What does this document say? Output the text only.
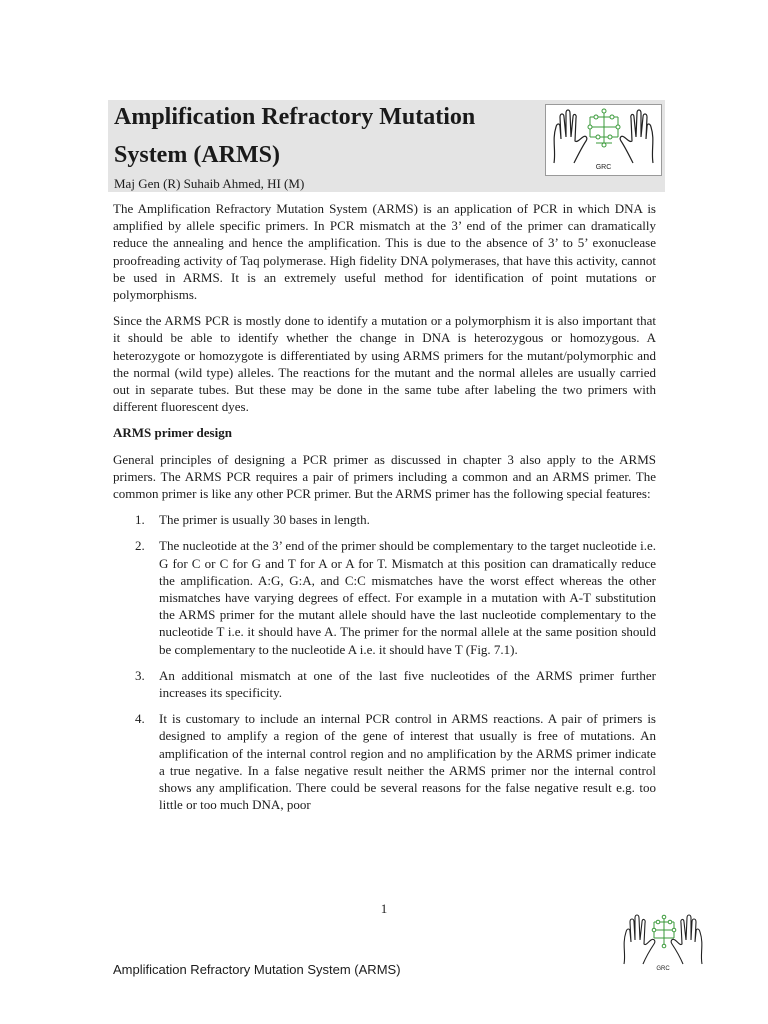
Amplification Refractory Mutation System (ARMS)
Maj Gen (R) Suhaib Ahmed, HI (M)
GRC

The Amplification Refractory Mutation System (ARMS) is an application of PCR in which DNA is amplified by allele specific primers. In PCR mismatch at the 3’ end of the primer can dramatically reduce the annealing and hence the amplification. This is due to the absence of 3’ to 5’ exonuclease proofreading activity of Taq polymerase. High fidelity DNA polymerases, that have this activity, cannot be used in ARMS. It is an extremely useful method for identification of point mutations or polymorphisms.

Since the ARMS PCR is mostly done to identify a mutation or a polymorphism it is also important that it should be able to identify whether the change in DNA is heterozygous or homozygous. A heterozygote or homozygote is differentiated by using ARMS primers for the mutant/polymorphic and the normal (wild type) alleles. The reactions for the mutant and the normal alleles are usually carried out in separate tubes. But these may be done in the same tube after labeling the two primers with different fluorescent dyes.

ARMS primer design

General principles of designing a PCR primer as discussed in chapter 3 also apply to the ARMS primers. The ARMS PCR requires a pair of primers including a common and an ARMS primer. The common primer is like any other PCR primer. But the ARMS primer has the following special features:

1. The primer is usually 30 bases in length.
2. The nucleotide at the 3’ end of the primer should be complementary to the target nucleotide i.e. G for C or C for G and T for A or A for T. Mismatch at this position can dramatically reduce the amplification. A:G, G:A, and C:C mismatches have the worst effect whereas the other mismatches have varying degrees of effect. For example in a mutation with A-T substitution the ARMS primer for the mutant allele should have the last nucleotide complementary to the nucleotide T i.e. it should have A. The primer for the normal allele at the same position should be complementary to the nucleotide A i.e. it should have T (Fig. 7.1).
3. An additional mismatch at one of the last five nucleotides of the ARMS primer further increases its specificity.
4. It is customary to include an internal PCR control in ARMS reactions. A pair of primers is designed to amplify a region of the gene of interest that usually is free of mutations. An amplification of the internal control region and no amplification by the ARMS primer indicate a true negative. In a false negative result neither the ARMS primer nor the internal control shows any amplification. There could be several reasons for the false negative result e.g. too little or too much DNA, poor
1
GRC
Amplification Refractory Mutation System (ARMS)
